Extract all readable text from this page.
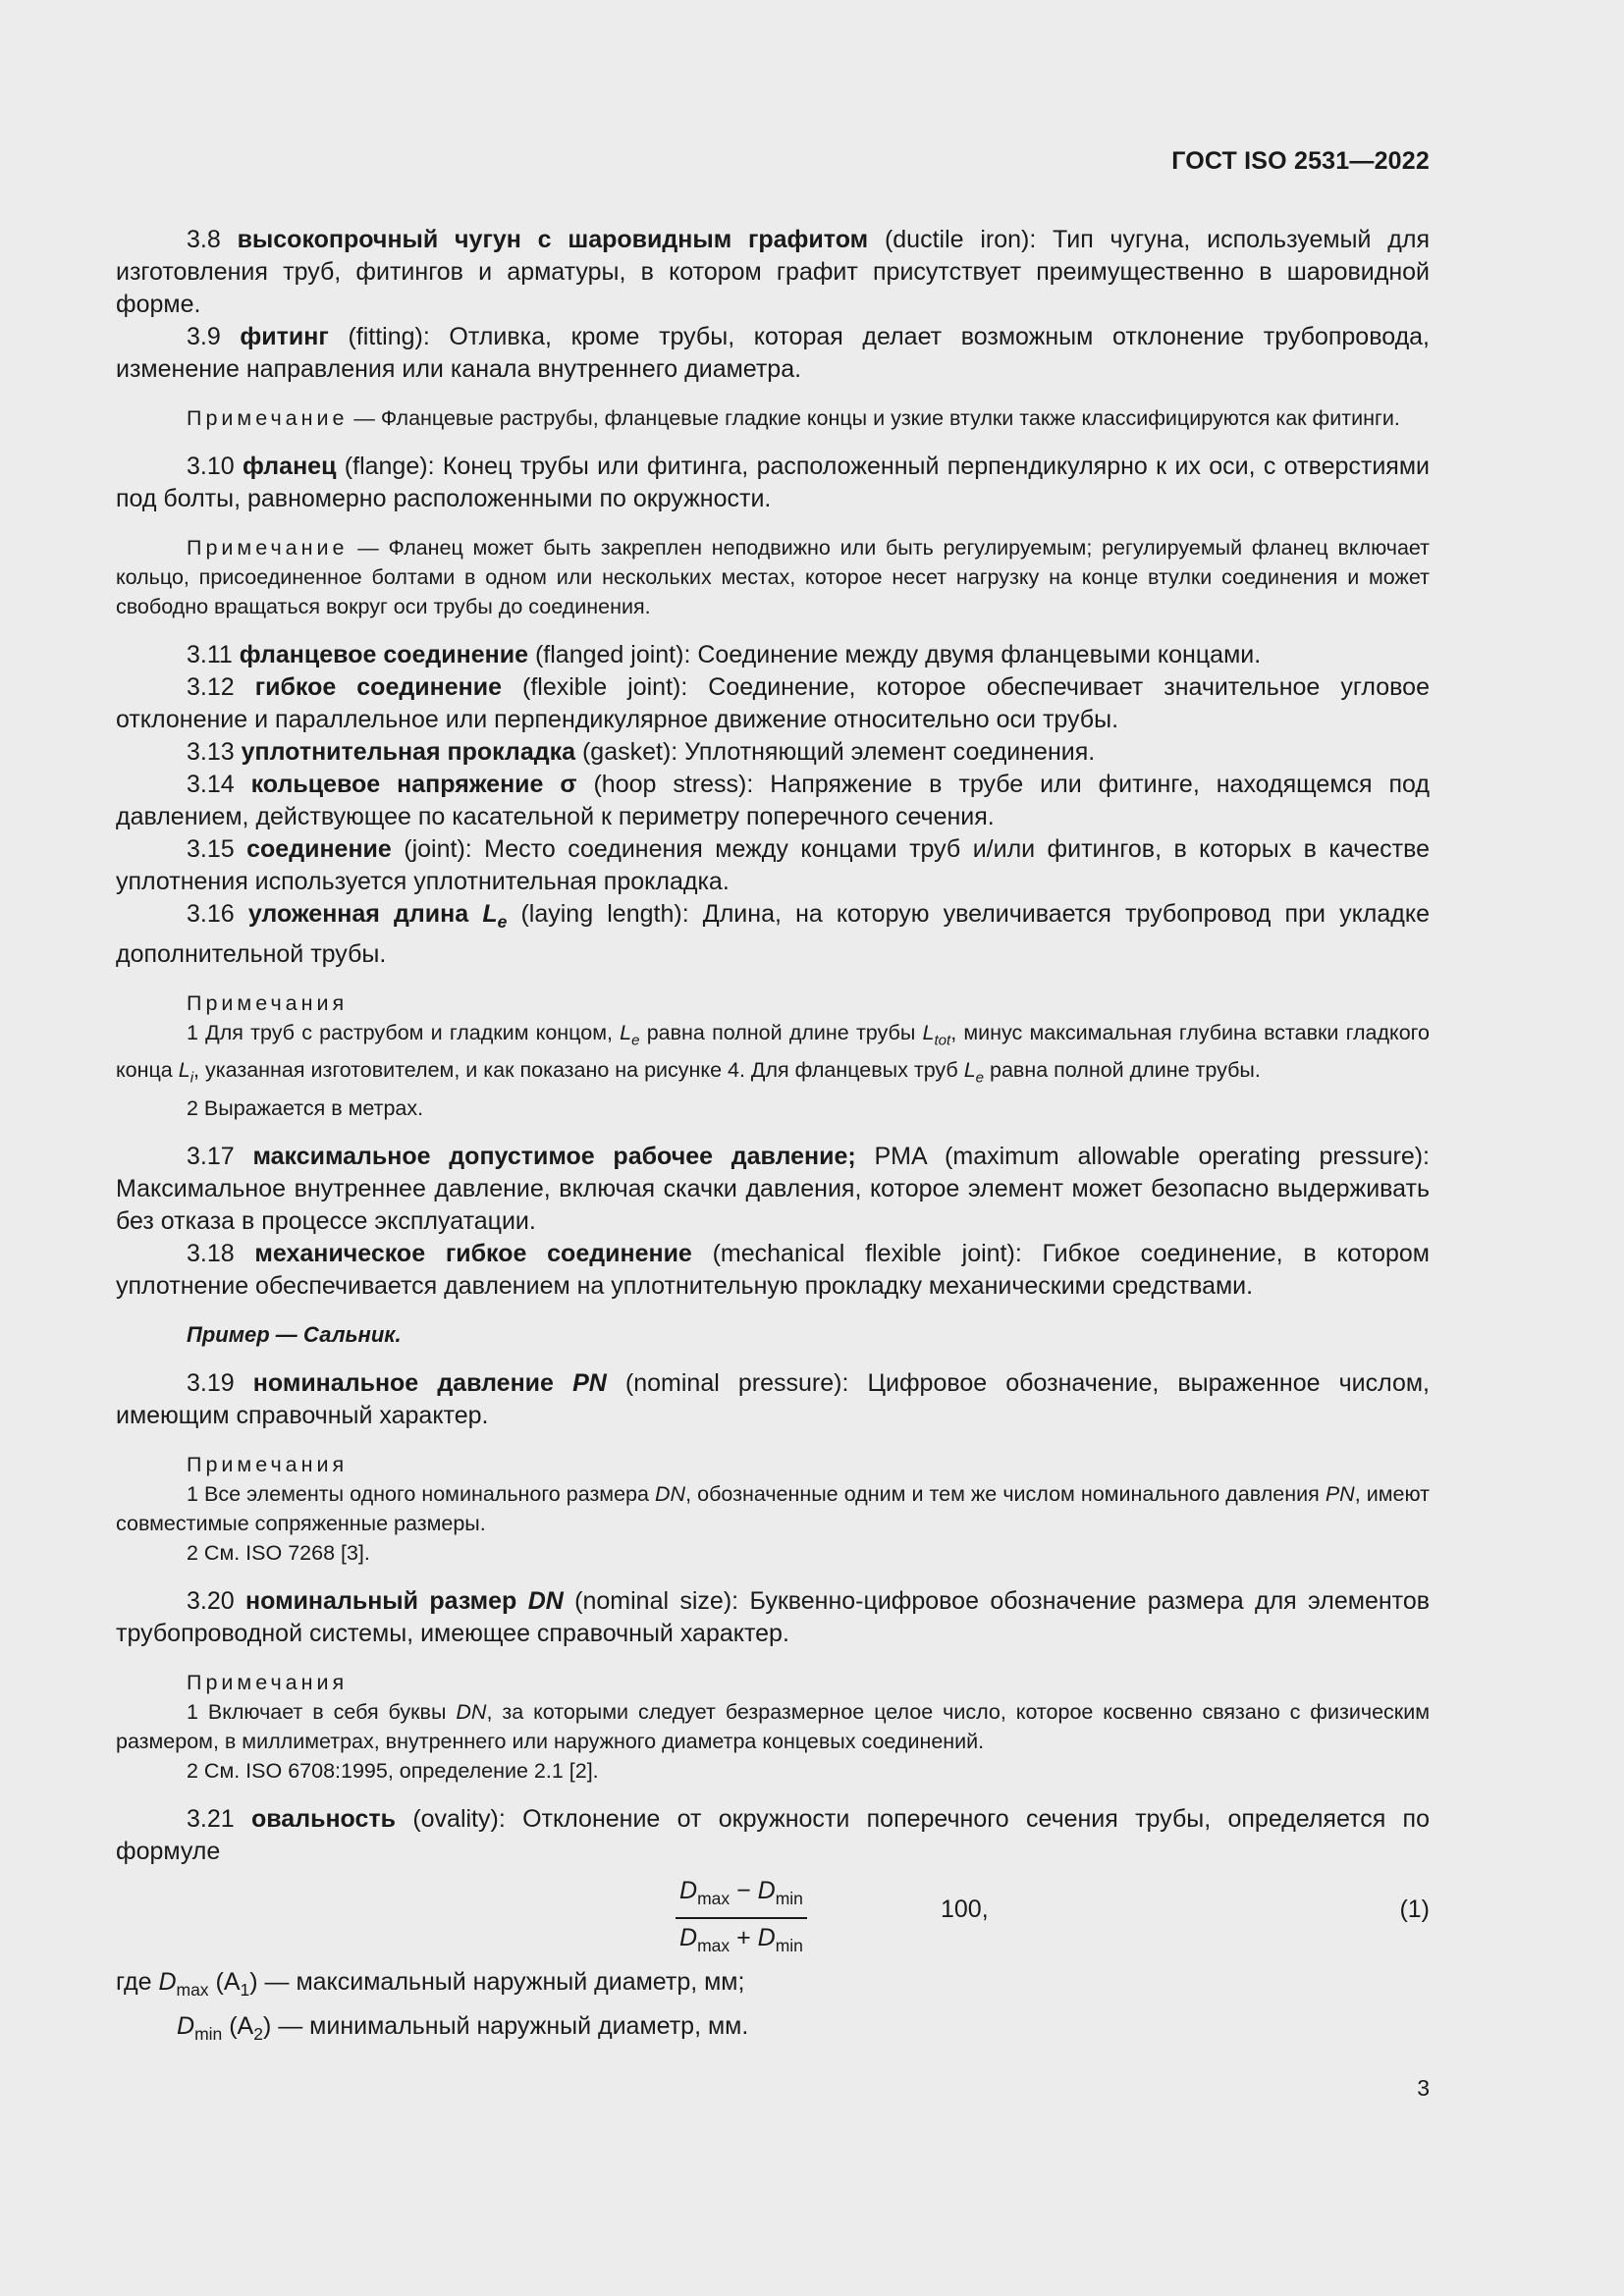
ГОСТ ISO 2531—2022

3.8 высокопрочный чугун с шаровидным графитом (ductile iron): Тип чугуна, используемый для изготовления труб, фитингов и арматуры, в котором графит присутствует преимущественно в шаровидной форме.

3.9 фитинг (fitting): Отливка, кроме трубы, которая делает возможным отклонение трубопровода, изменение направления или канала внутреннего диаметра.

Примечание — Фланцевые раструбы, фланцевые гладкие концы и узкие втулки также классифицируются как фитинги.

3.10 фланец (flange): Конец трубы или фитинга, расположенный перпендикулярно к их оси, с отверстиями под болты, равномерно расположенными по окружности.

Примечание — Фланец может быть закреплен неподвижно или быть регулируемым; регулируемый фланец включает кольцо, присоединенное болтами в одном или нескольких местах, которое несет нагрузку на конце втулки соединения и может свободно вращаться вокруг оси трубы до соединения.

3.11 фланцевое соединение (flanged joint): Соединение между двумя фланцевыми концами.

3.12 гибкое соединение (flexible joint): Соединение, которое обеспечивает значительное угловое отклонение и параллельное или перпендикулярное движение относительно оси трубы.

3.13 уплотнительная прокладка (gasket): Уплотняющий элемент соединения.

3.14 кольцевое напряжение σ (hoop stress): Напряжение в трубе или фитинге, находящемся под давлением, действующее по касательной к периметру поперечного сечения.

3.15 соединение (joint): Место соединения между концами труб и/или фитингов, в которых в качестве уплотнения используется уплотнительная прокладка.

3.16 уложенная длина $L_e$ (laying length): Длина, на которую увеличивается трубопровод при укладке дополнительной трубы.

Примечания

1 Для труб с раструбом и гладким концом, $L_e$ равна полной длине трубы $L_{tot}$, минус максимальная глубина вставки гладкого конца $L_i$, указанная изготовителем, и как показано на рисунке 4. Для фланцевых труб $L_e$ равна полной длине трубы.

2 Выражается в метрах.

3.17 максимальное допустимое рабочее давление; PMA (maximum allowable operating pressure): Максимальное внутреннее давление, включая скачки давления, которое элемент может безопасно выдерживать без отказа в процессе эксплуатации.

3.18 механическое гибкое соединение (mechanical flexible joint): Гибкое соединение, в котором уплотнение обеспечивается давлением на уплотнительную прокладку механическими средствами.

Пример — Сальник.

3.19 номинальное давление PN (nominal pressure): Цифровое обозначение, выраженное числом, имеющим справочный характер.

Примечания

1 Все элементы одного номинального размера DN, обозначенные одним и тем же числом номинального давления PN, имеют совместимые сопряженные размеры.

2 См. ISO 7268 [3].

3.20 номинальный размер DN (nominal size): Буквенно-цифровое обозначение размера для элементов трубопроводной системы, имеющее справочный характер.

Примечания

1 Включает в себя буквы DN, за которыми следует безразмерное целое число, которое косвенно связано с физическим размером, в миллиметрах, внутреннего или наружного диаметра концевых соединений.

2 См. ISO 6708:1995, определение 2.1 [2].

3.21 овальность (ovality): Отклонение от окружности поперечного сечения трубы, определяется по формуле

$D_{max} - D_{min}$
$D_{max} + D_{min}$
100,	(1)

где $D_{max}$ $(A_1)$ — максимальный наружный диаметр, мм;

$D_{min}$ $(A_2)$ — минимальный наружный диаметр, мм.

3
